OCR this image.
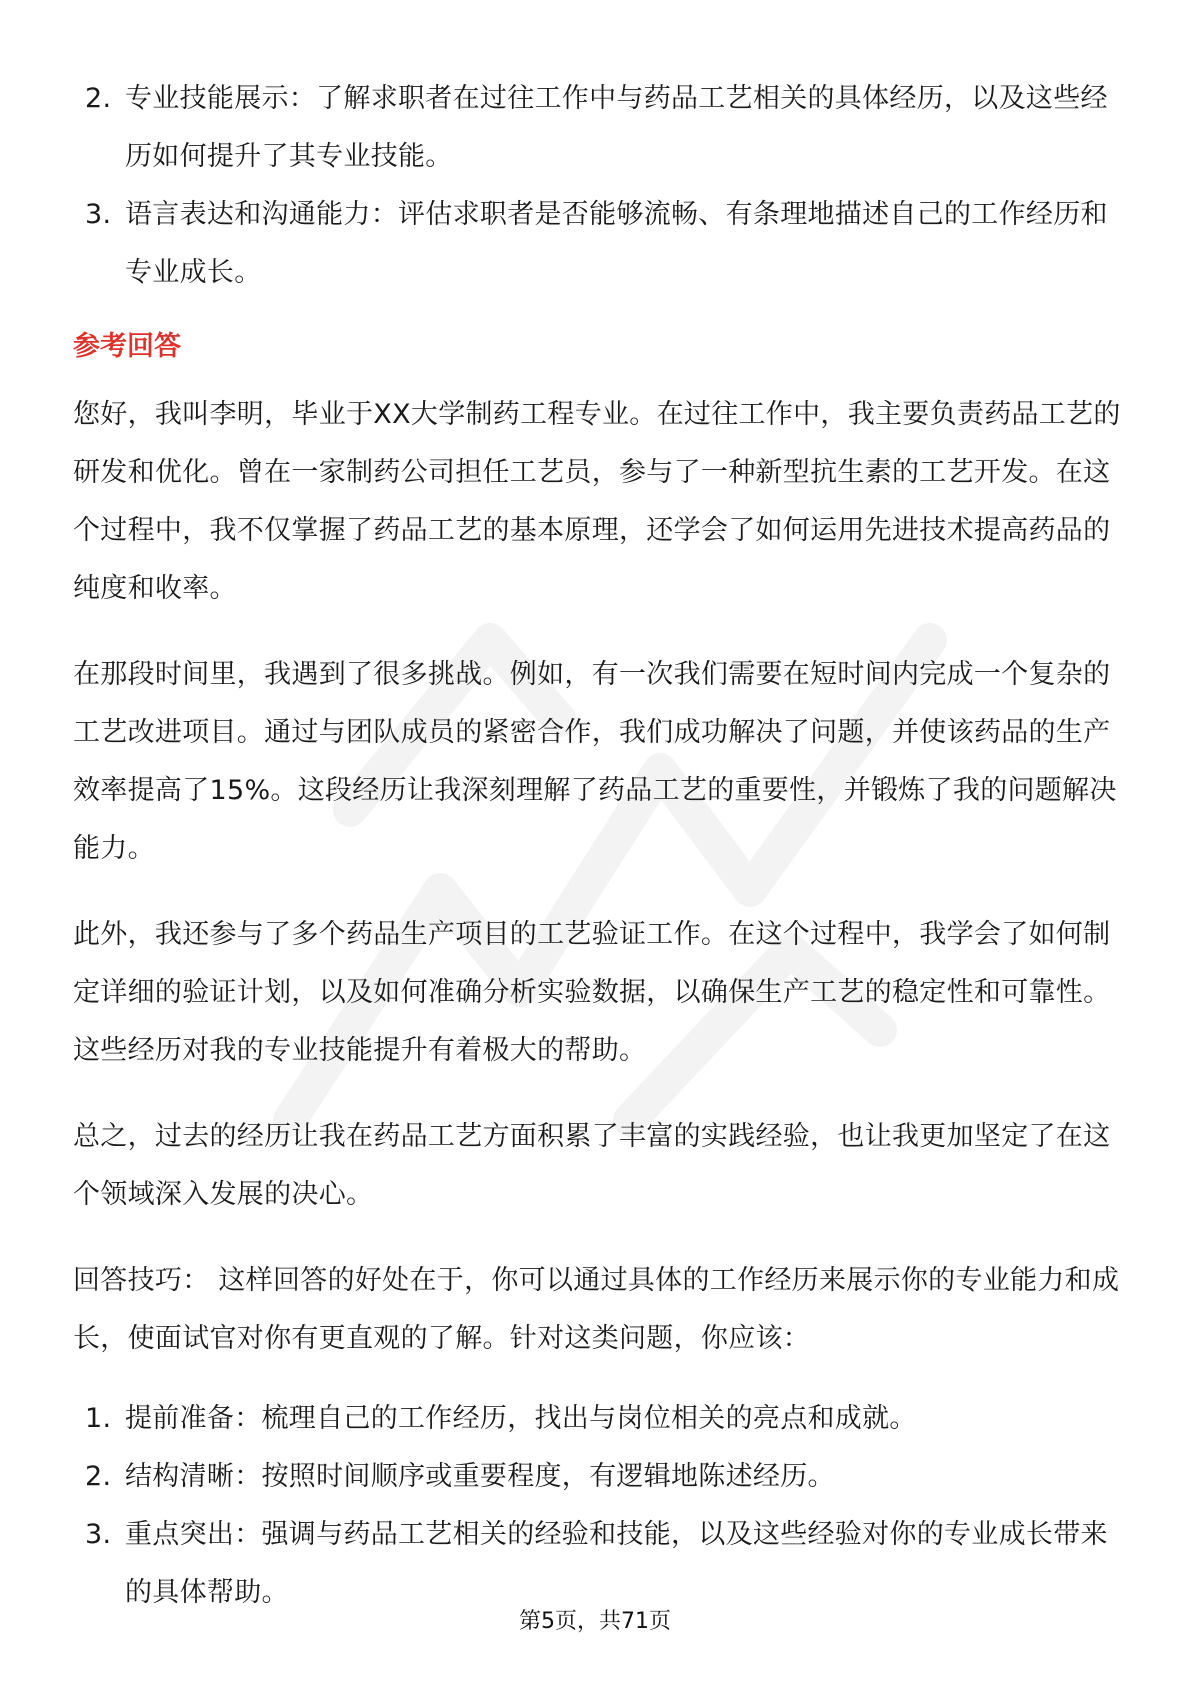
2. 专业技能展示：了解求职者在过往工作中与药品工艺相关的具体经历，以及这些经历如何提升了其专业技能。
3. 语言表达和沟通能力：评估求职者是否能够流畅、有条理地描述自己的工作经历和专业成长。
参考回答

您好，我叫李明，毕业于XX大学制药工程专业。在过往工作中，我主要负责药品工艺的研发和优化。曾在一家制药公司担任工艺员，参与了一种新型抗生素的工艺开发。在这个过程中，我不仅掌握了药品工艺的基本原理，还学会了如何运用先进技术提高药品的纯度和收率。

在那段时间里，我遇到了很多挑战。例如，有一次我们需要在短时间内完成一个复杂的工艺改进项目。通过与团队成员的紧密合作，我们成功解决了问题，并使该药品的生产效率提高了15%。这段经历让我深刻理解了药品工艺的重要性，并锻炼了我的问题解决能力。

此外，我还参与了多个药品生产项目的工艺验证工作。在这个过程中，我学会了如何制定详细的验证计划，以及如何准确分析实验数据，以确保生产工艺的稳定性和可靠性。这些经历对我的专业技能提升有着极大的帮助。

总之，过去的经历让我在药品工艺方面积累了丰富的实践经验，也让我更加坚定了在这个领域深入发展的决心。

回答技巧： 这样回答的好处在于，你可以通过具体的工作经历来展示你的专业能力和成长，使面试官对你有更直观的了解。针对这类问题，你应该：

1. 提前准备：梳理自己的工作经历，找出与岗位相关的亮点和成就。
2. 结构清晰：按照时间顺序或重要程度，有逻辑地陈述经历。
3. 重点突出：强调与药品工艺相关的经验和技能，以及这些经验对你的专业成长带来的具体帮助。
第5页，共71页
